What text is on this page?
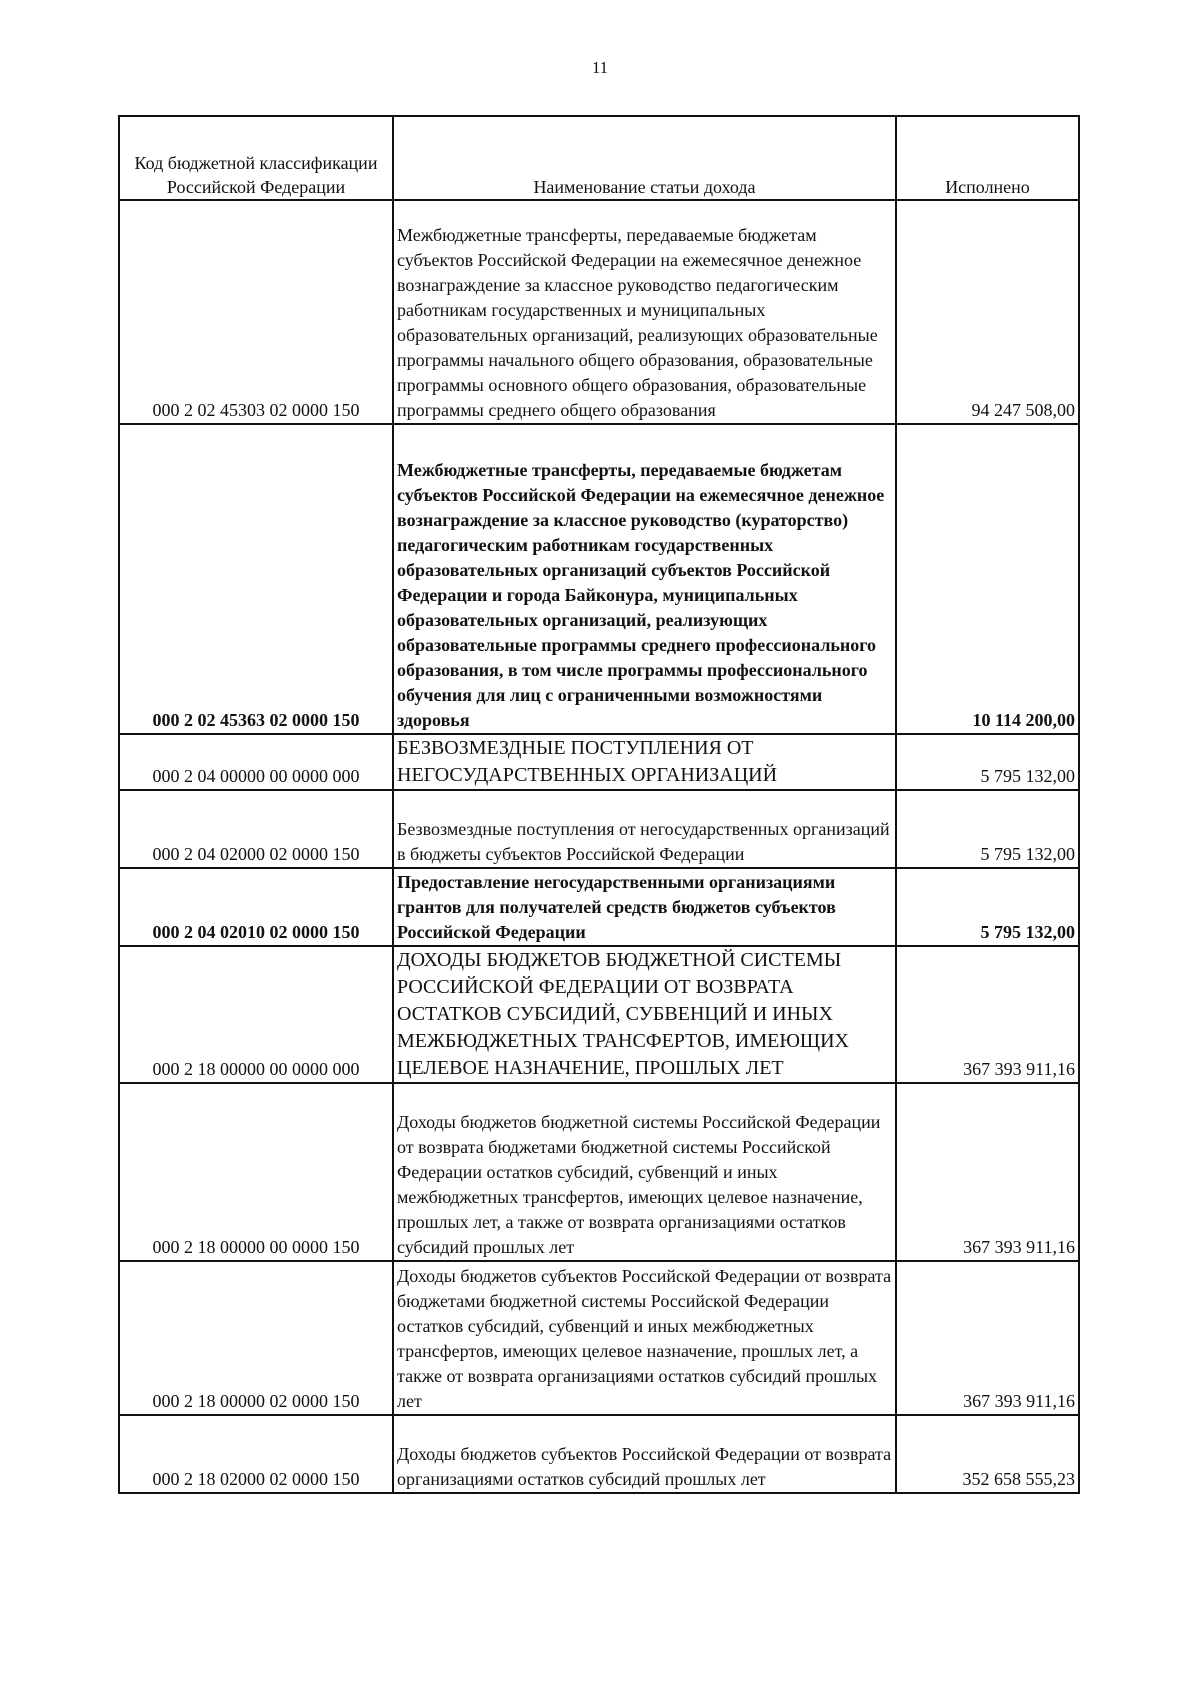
11
Код бюджетной классификации Российской Федерации	Наименование статьи дохода	Исполнено
000 2 02 45303 02 0000 150	Межбюджетные трансферты, передаваемые бюджетам субъектов Российской Федерации на ежемесячное денежное вознаграждение за классное руководство педагогическим работникам государственных и муниципальных образовательных организаций, реализующих образовательные программы начального общего образования, образовательные программы основного общего образования, образовательные программы среднего общего образования	94 247 508,00
000 2 02 45363 02 0000 150	Межбюджетные трансферты, передаваемые бюджетам субъектов Российской Федерации на ежемесячное денежное вознаграждение за классное руководство (кураторство) педагогическим работникам государственных образовательных организаций субъектов Российской Федерации и города Байконура, муниципальных образовательных организаций, реализующих образовательные программы среднего профессионального образования, в том числе программы профессионального обучения для лиц с ограниченными возможностями здоровья	10 114 200,00
000 2 04 00000 00 0000 000	БЕЗВОЗМЕЗДНЫЕ ПОСТУПЛЕНИЯ ОТ НЕГОСУДАРСТВЕННЫХ ОРГАНИЗАЦИЙ	5 795 132,00
000 2 04 02000 02 0000 150	Безвозмездные поступления от негосударственных организаций в бюджеты субъектов Российской Федерации	5 795 132,00
000 2 04 02010 02 0000 150	Предоставление негосударственными организациями грантов для получателей средств бюджетов субъектов Российской Федерации	5 795 132,00
000 2 18 00000 00 0000 000	ДОХОДЫ БЮДЖЕТОВ БЮДЖЕТНОЙ СИСТЕМЫ РОССИЙСКОЙ ФЕДЕРАЦИИ ОТ ВОЗВРАТА ОСТАТКОВ СУБСИДИЙ, СУБВЕНЦИЙ И ИНЫХ МЕЖБЮДЖЕТНЫХ ТРАНСФЕРТОВ, ИМЕЮЩИХ ЦЕЛЕВОЕ НАЗНАЧЕНИЕ, ПРОШЛЫХ ЛЕТ	367 393 911,16
000 2 18 00000 00 0000 150	Доходы бюджетов бюджетной системы Российской Федерации от возврата бюджетами бюджетной системы Российской Федерации остатков субсидий, субвенций и иных межбюджетных трансфертов, имеющих целевое назначение, прошлых лет, а также от возврата организациями остатков субсидий прошлых лет	367 393 911,16
000 2 18 00000 02 0000 150	Доходы бюджетов субъектов Российской Федерации от возврата бюджетами бюджетной системы Российской Федерации остатков субсидий, субвенций и иных межбюджетных трансфертов, имеющих целевое назначение, прошлых лет, а также от возврата организациями остатков субсидий прошлых лет	367 393 911,16
000 2 18 02000 02 0000 150	Доходы бюджетов субъектов Российской Федерации от возврата организациями остатков субсидий прошлых лет	352 658 555,23
